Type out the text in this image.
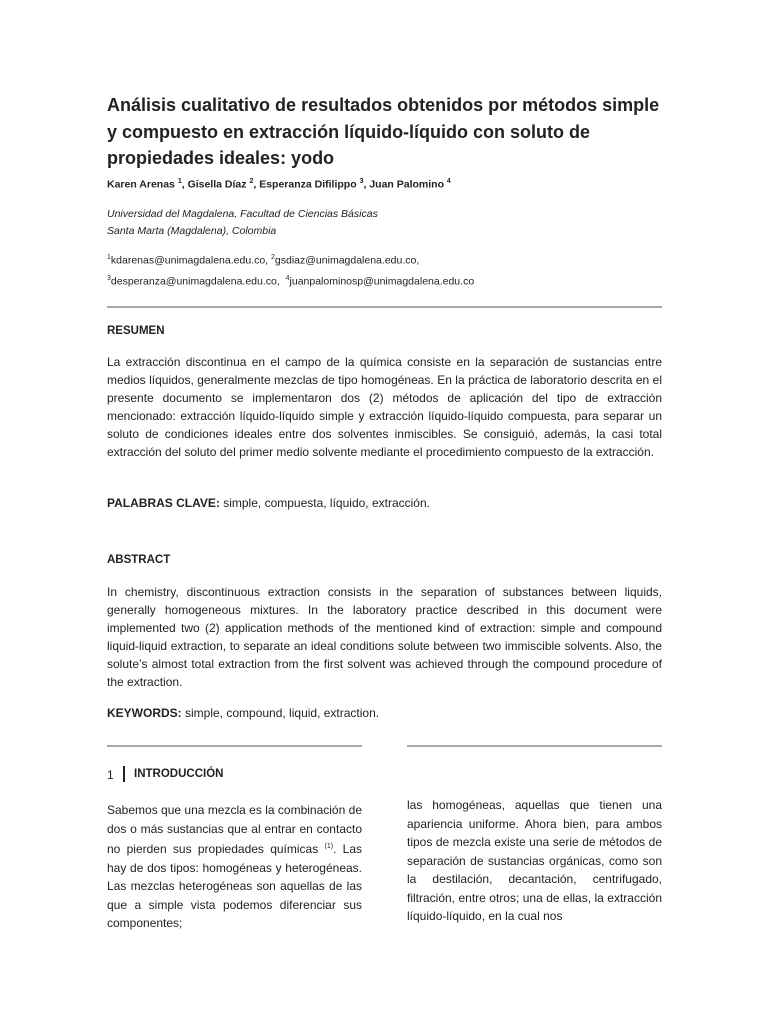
Análisis cualitativo de resultados obtenidos por métodos simple y compuesto en extracción líquido-líquido con soluto de propiedades ideales: yodo
Karen Arenas $^1$, Gisella Díaz $^2$, Esperanza Difilippo $^3$, Juan Palomino $^4$
Universidad del Magdalena, Facultad de Ciencias Básicas
Santa Marta (Magdalena), Colombia
$^1$kdarenas@unimagdalena.edu.co, $^2$gsdiaz@unimagdalena.edu.co,
$^3$desperanza@unimagdalena.edu.co, $^4$juanpalominosp@unimagdalena.edu.co
RESUMEN
La extracción discontinua en el campo de la química consiste en la separación de sustancias entre medios líquidos, generalmente mezclas de tipo homogéneas. En la práctica de laboratorio descrita en el presente documento se implementaron dos (2) métodos de aplicación del tipo de extracción mencionado: extracción líquido-líquido simple y extracción líquido-líquido compuesta, para separar un soluto de condiciones ideales entre dos solventes inmiscibles. Se consiguió, además, la casi total extracción del soluto del primer medio solvente mediante el procedimiento compuesto de la extracción.
PALABRAS CLAVE: simple, compuesta, líquido, extracción.
ABSTRACT
In chemistry, discontinuous extraction consists in the separation of substances between liquids, generally homogeneous mixtures. In the laboratory practice described in this document were implemented two (2) application methods of the mentioned kind of extraction: simple and compound liquid-liquid extraction, to separate an ideal conditions solute between two immiscible solvents. Also, the solute’s almost total extraction from the first solvent was achieved through the compound procedure of the extraction.
KEYWORDS: simple, compound, liquid, extraction.
1 INTRODUCCIÓN
Sabemos que una mezcla es la combinación de dos o más sustancias que al entrar en contacto no pierden sus propiedades químicas $^{(1)}$. Las hay de dos tipos: homogéneas y heterogéneas. Las mezclas heterogéneas son aquellas de las que a simple vista podemos diferenciar sus componentes;
las homogéneas, aquellas que tienen una apariencia uniforme. Ahora bien, para ambos tipos de mezcla existe una serie de métodos de separación de sustancias orgánicas, como son la destilación, decantación, centrifugado, filtración, entre otros; una de ellas, la extracción líquido-líquido, en la cual nos
